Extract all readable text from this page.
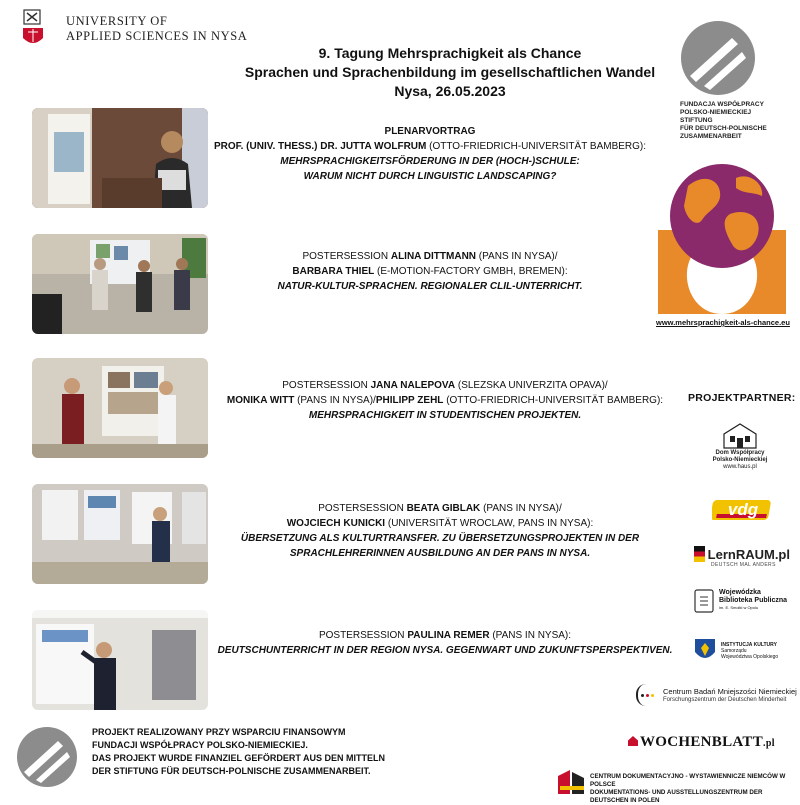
UNIVERSITY OF
APPLIED SCIENCES IN NYSA
9. Tagung Mehrsprachigkeit als Chance
Sprachen und Sprachenbildung im gesellschaftlichen Wandel
Nysa, 26.05.2023
FUNDACJA WSPÓŁPRACY
POLSKO-NIEMIECKIEJ
STIFTUNG
FÜR DEUTSCH-POLNISCHE
ZUSAMMENARBEIT
www.mehrsprachigkeit-als-chance.eu
PLENARVORTRAG
PROF. (UNIV. THESS.) DR. JUTTA WOLFRUM (OTTO-FRIEDRICH-UNIVERSITÄT BAMBERG):
MEHRSPRACHIGKEITSFÖRDERUNG IN DER (HOCH-)SCHULE:
WARUM NICHT DURCH LINGUISTIC LANDSCAPING?
POSTERSESSION ALINA DITTMANN (PANS IN NYSA)/
BARBARA THIEL (E-MOTION-FACTORY GMBH, BREMEN):
NATUR-KULTUR-SPRACHEN. REGIONALER CLIL-UNTERRICHT.
POSTERSESSION JANA NALEPOVA (SLEZSKA UNIVERZITA OPAVA)/
MONIKA WITT (PANS IN NYSA)/PHILIPP ZEHL (OTTO-FRIEDRICH-UNIVERSITÄT BAMBERG):
MEHRSPRACHIGKEIT IN STUDENTISCHEN PROJEKTEN.
POSTERSESSION BEATA GIBLAK (PANS IN NYSA)/
WOJCIECH KUNICKI (UNIVERSITÄT WROCLAW, PANS IN NYSA):
ÜBERSETZUNG ALS KULTURTRANSFER. ZU ÜBERSETZUNGSPROJEKTEN IN DER
SPRACHLEHRERINNEN AUSBILDUNG AN DER PANS IN NYSA.
POSTERSESSION PAULINA REMER (PANS IN NYSA):
DEUTSCHUNTERRICHT IN DER REGION NYSA. GEGENWART UND ZUKUNFTSPERSPEKTIVEN.
PROJEKTPARTNER:
Dom Współpracy
Polsko-Niemieckiej
www.haus.pl
vdg
LernRAUM.pl
DEUTSCH MAL ANDERS
Wojewódzka
Biblioteka Publiczna
im. E. Smołki w Opolu
INSTYTUCJA KULTURY
Samorządu
Województwa Opolskiego
Centrum Badań Mniejszości Niemieckiej
Forschungszentrum der Deutschen Minderheit
WOCHENBLATT.pl
PROJEKT REALIZOWANY PRZY WSPARCIU FINANSOWYM
FUNDACJI WSPÓŁPRACY POLSKO-NIEMIECKIEJ.
DAS PROJEKT WURDE FINANZIEL GEFÖRDERT AUS DEN MITTELN
DER STIFTUNG FÜR DEUTSCH-POLNISCHE ZUSAMMENARBEIT.
CENTRUM DOKUMENTACYJNO - WYSTAWIENNICZE NIEMCÓW W POLSCE
DOKUMENTATIONS- UND AUSSTELLUNGSZENTRUM DER DEUTSCHEN IN POLEN
